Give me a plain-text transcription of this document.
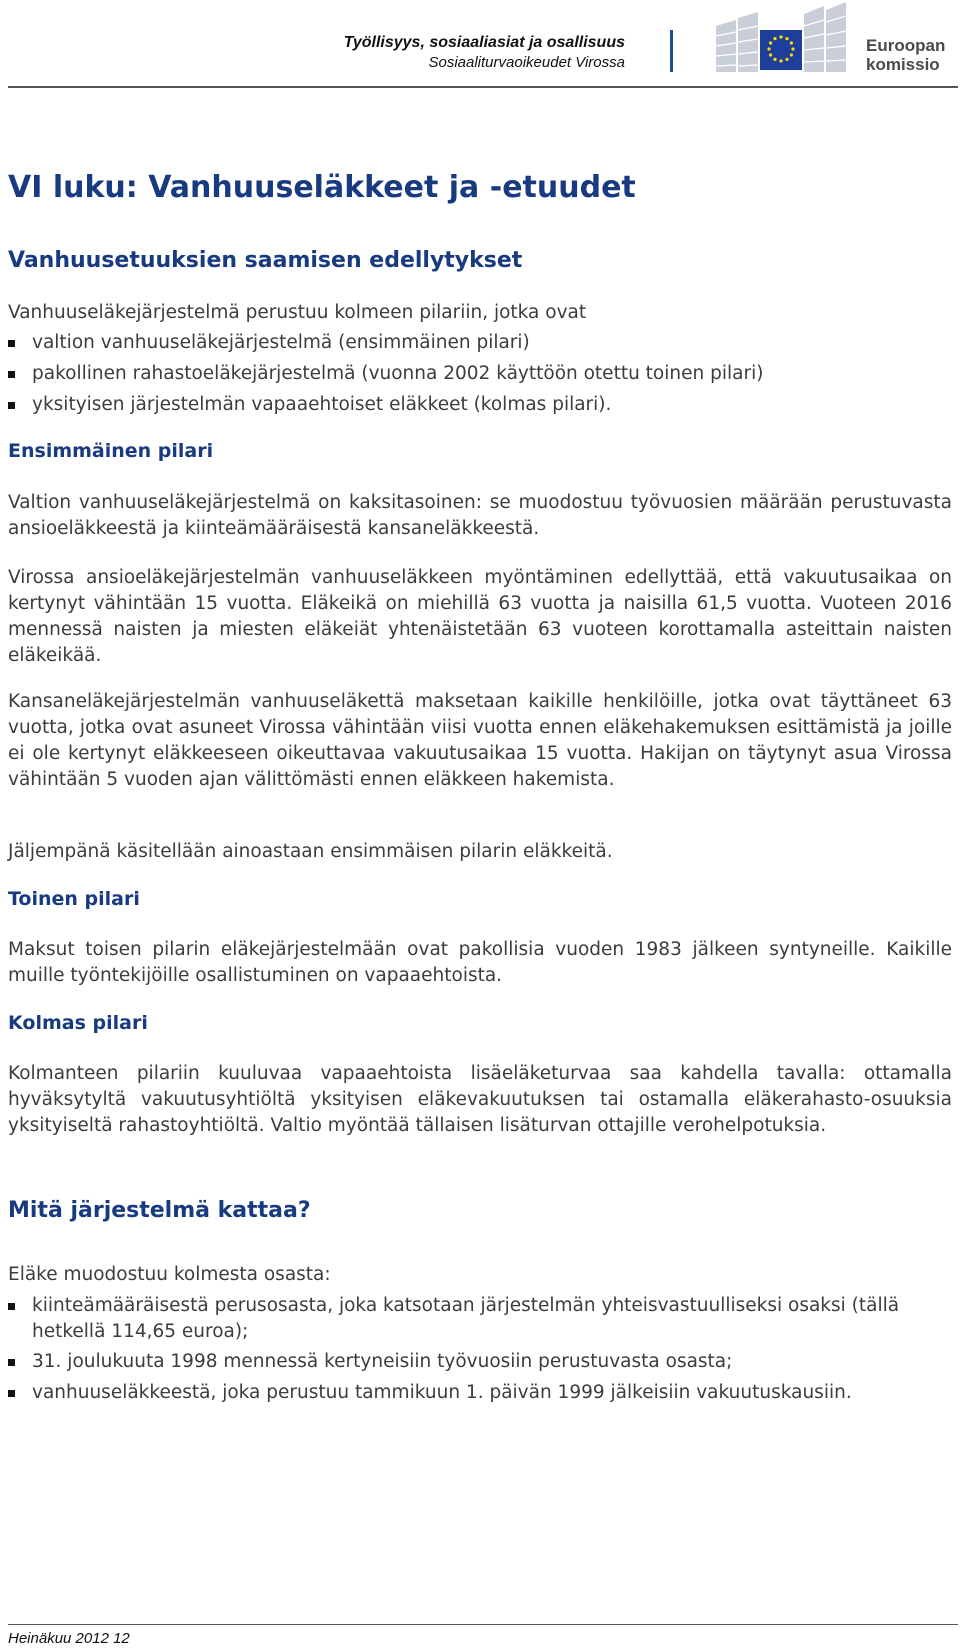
Työllisyys, sosiaaliasiat ja osallisuus
Sosiaaliturvaoikeudet Virossa
Euroopan
komissio
VI luku: Vanhuuseläkkeet ja -etuudet
Vanhuusetuuksien saamisen edellytykset
Vanhuuseläkejärjestelmä perustuu kolmeen pilariin, jotka ovat
valtion vanhuuseläkejärjestelmä (ensimmäinen pilari)
pakollinen rahastoeläkejärjestelmä (vuonna 2002 käyttöön otettu toinen pilari)
yksityisen järjestelmän vapaaehtoiset eläkkeet (kolmas pilari).
Ensimmäinen pilari
Valtion vanhuuseläkejärjestelmä on kaksitasoinen: se muodostuu työvuosien määrään perustuvasta ansioeläkkeestä ja kiinteämääräisestä kansaneläkkeestä.
Virossa ansioeläkejärjestelmän vanhuuseläkkeen myöntäminen edellyttää, että vakuutusaikaa on kertynyt vähintään 15 vuotta. Eläkeikä on miehillä 63 vuotta ja naisilla 61,5 vuotta. Vuoteen 2016 mennessä naisten ja miesten eläkeiät yhtenäistetään 63 vuoteen korottamalla asteittain naisten eläkeikää.
Kansaneläkejärjestelmän vanhuuseläkettä maksetaan kaikille henkilöille, jotka ovat täyttäneet 63 vuotta, jotka ovat asuneet Virossa vähintään viisi vuotta ennen eläkehakemuksen esittämistä ja joille ei ole kertynyt eläkkeeseen oikeuttavaa vakuutusaikaa 15 vuotta. Hakijan on täytynyt asua Virossa vähintään 5 vuoden ajan välittömästi ennen eläkkeen hakemista.
Jäljempänä käsitellään ainoastaan ensimmäisen pilarin eläkkeitä.
Toinen pilari
Maksut toisen pilarin eläkejärjestelmään ovat pakollisia vuoden 1983 jälkeen syntyneille. Kaikille muille työntekijöille osallistuminen on vapaaehtoista.
Kolmas pilari
Kolmanteen pilariin kuuluvaa vapaaehtoista lisäeläketurvaa saa kahdella tavalla: ottamalla hyväksytyltä vakuutusyhtiöltä yksityisen eläkevakuutuksen tai ostamalla eläkerahasto-osuuksia yksityiseltä rahastoyhtiöltä. Valtio myöntää tällaisen lisäturvan ottajille verohelpotuksia.
Mitä järjestelmä kattaa?
Eläke muodostuu kolmesta osasta:
kiinteämääräisestä perusosasta, joka katsotaan järjestelmän yhteisvastuulliseksi osaksi (tällä hetkellä 114,65 euroa);
31. joulukuuta 1998 mennessä kertyneisiin työvuosiin perustuvasta osasta;
vanhuuseläkkeestä, joka perustuu tammikuun 1. päivän 1999 jälkeisiin vakuutuskausiin.
Heinäkuu 2012 12
